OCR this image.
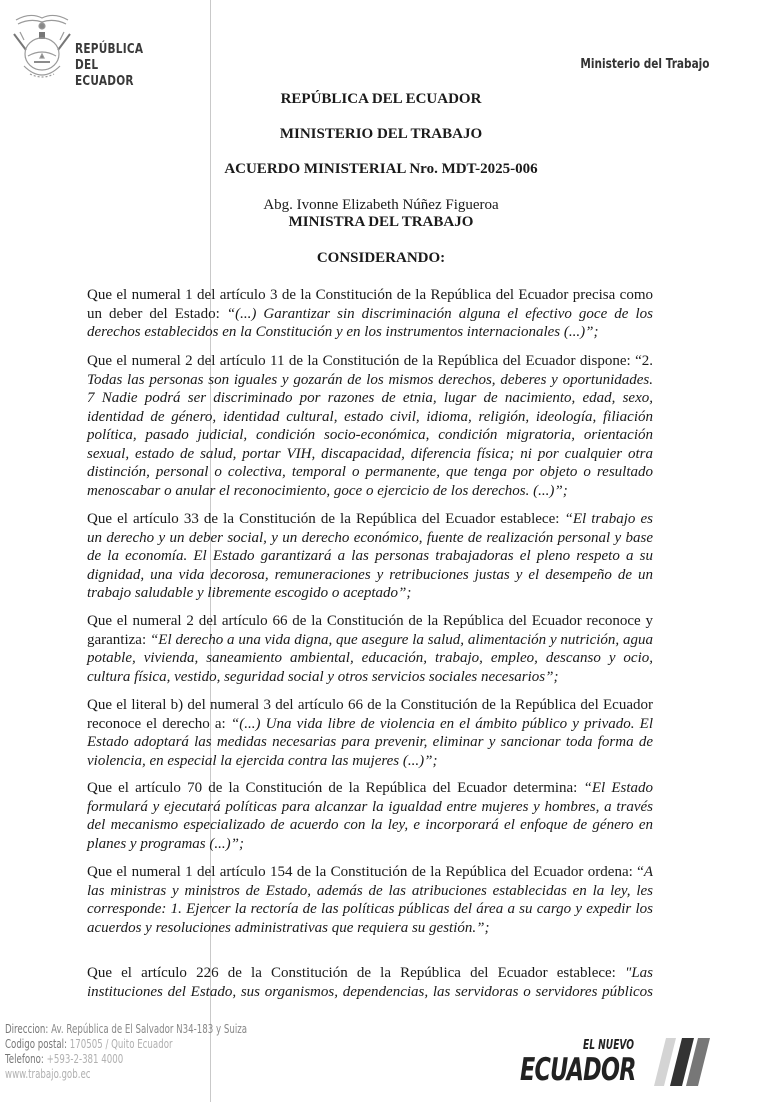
REPÚBLICA
DEL ECUADOR
Ministerio del Trabajo
REPÚBLICA DEL ECUADOR
MINISTERIO DEL TRABAJO
ACUERDO MINISTERIAL Nro. MDT-2025-006
Abg. Ivonne Elizabeth Núñez Figueroa
MINISTRA DEL TRABAJO
CONSIDERANDO:
Que el numeral 1 del artículo 3 de la Constitución de la República del Ecuador precisa como
un deber del Estado: “(...) Garantizar sin discriminación alguna el efectivo goce de los
derechos establecidos en la Constitución y en los instrumentos internacionales (...)”;
Que el numeral 2 del artículo 11 de la Constitución de la República del Ecuador dispone: “2.
Todas las personas son iguales y gozarán de los mismos derechos, deberes y oportunidades.
7 Nadie podrá ser discriminado por razones de etnia, lugar de nacimiento, edad, sexo,
identidad de género, identidad cultural, estado civil, idioma, religión, ideología, filiación
política, pasado judicial, condición socio-económica, condición migratoria, orientación
sexual, estado de salud, portar VIH, discapacidad, diferencia física; ni por cualquier otra
distinción, personal o colectiva, temporal o permanente, que tenga por objeto o resultado
menoscabar o anular el reconocimiento, goce o ejercicio de los derechos. (...)”;
Que el artículo 33 de la Constitución de la República del Ecuador establece: “El trabajo es
un derecho y un deber social, y un derecho económico, fuente de realización personal y base
de la economía. El Estado garantizará a las personas trabajadoras el pleno respeto a su
dignidad, una vida decorosa, remuneraciones y retribuciones justas y el desempeño de un
trabajo saludable y libremente escogido o aceptado”;
Que el numeral 2 del artículo 66 de la Constitución de la República del Ecuador reconoce y
garantiza: “El derecho a una vida digna, que asegure la salud, alimentación y nutrición, agua
potable, vivienda, saneamiento ambiental, educación, trabajo, empleo, descanso y ocio,
cultura física, vestido, seguridad social y otros servicios sociales necesarios”;
Que el literal b) del numeral 3 del artículo 66 de la Constitución de la República del Ecuador
reconoce el derecho a: “(...) Una vida libre de violencia en el ámbito público y privado. El
Estado adoptará las medidas necesarias para prevenir, eliminar y sancionar toda forma de
violencia, en especial la ejercida contra las mujeres (...)”;
Que el artículo 70 de la Constitución de la República del Ecuador determina: “El Estado
formulará y ejecutará políticas para alcanzar la igualdad entre mujeres y hombres, a través
del mecanismo especializado de acuerdo con la ley, e incorporará el enfoque de género en
planes y programas (...)”;
Que el numeral 1 del artículo 154 de la Constitución de la República del Ecuador ordena: “A
las ministras y ministros de Estado, además de las atribuciones establecidas en la ley, les
corresponde: 1. Ejercer la rectoría de las políticas públicas del área a su cargo y expedir los
acuerdos y resoluciones administrativas que requiera su gestión.”;
Que el artículo 226 de la Constitución de la República del Ecuador establece: "Las
instituciones del Estado, sus organismos, dependencias, las servidoras o servidores públicos
Direccion: Av. República de El Salvador N34-183 y Suiza
Codigo postal: 170505 / Quito Ecuador
Telefono: +593-2-381 4000
www.trabajo.gob.ec
EL NUEVO
ECUADOR
